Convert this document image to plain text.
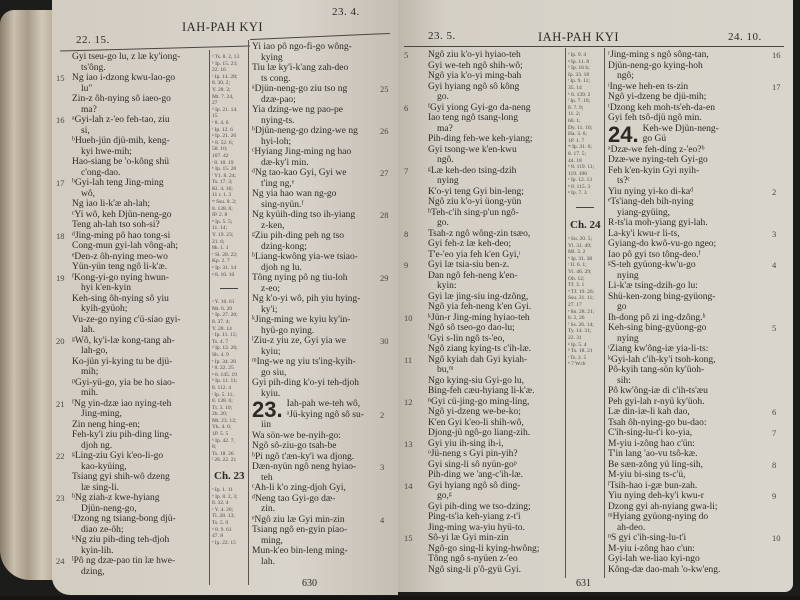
22. 15.
IAH-PAH KYI
23. 4.
Gyi tseu-go lu, z læ ky'iong-
ts'ông.
Ng iao i-dzong kwu-lao-go
15
lu"
Zin-z ôh-nying sô iaeo-go
ma?
ᵃGyi-lah z-'eo feh-tao, ziu
16
si,
ᵇHueh-jün djü-mih, keng-
kyi hwe-mih;
Hao-siang be 'o-kông shü
c'ong-dao.
ᵇGyi-lah teng Jing-ming
17
wô,
Ng iao li-k'æ ah-lah;
ᶜYi wô, keh Djün-neng-go
Teng ah-lah tso soh-si?
ᵈJing-ming pô hao tong-si
18
Cong-mun gyi-lah vông-ah;
ᵉDen-z ôh-nying meo-wo
Yün-yün teng ngô li-k'æ.
ᶠKong-yi-go nying hwun-
19
hyi k'en-kyin
Keh-sing ôh-nying sô yiu
kyih-gyüoh;
Vu-ze-go nying c'ü-siao gyi-
lah.
ᵍWô, ky'i-læ kong-tang ah-
20
lah-go,
Ko-jün yi-kying tu be djü-
mih;
ᵖGyi-yü-go, yia be ho siao-
mih.
ᶠNg yin-dzæ iao nying-teh
21
Jing-ming,
Zin neng hing-en;
Feh-ky'i ziu pih-ding ling-
djoh ng.
ᵍLing-ziu Gyi k'eo-li-go
22
kao-kyüing,
Tsiang gyi shih-wô dzeng
læ sing-li.
ʰNg ziah-z kwe-hyiang
23
Djün-neng-go,
ᶦDzong ng tsiang-bong djü-
diao ze-ôh;
ᵏNg ziu pih-ding teh-djoh
kyin-lih.
ˡPô ng dzæ-pao tin læ hwe-
24
dzing,
ᵃ Ts. 8. 2, 13
ᵇ Ip. 15. 23;
22. 16
ᶜ Ip. 14. 28;
8. 30. 2;
Y. 28. 2;
Mt. 7. 24,
27
ᵈ Ip. 21. 14.
15
ᵉ 8. 4. 6
ᶠ Ip. 12. 6
ᵍ Ip. 21. 26
ʰ 8. 52. 6;
58. 10;
107. 42
ᶦ 8. 18. 19
ᵏ Ip. 15. 20
ˡ Y1. 8. 24;
Ts. 17. 3;
Kl. 4. 16;
11 r. 1. 3
ᵐ Ssu. 8. 2;
8. 138. 6;
IP. 2. 8
ⁿ Ip. 5. 5;
11. 14;
Y. 19. 23;
21. 6;
8k. 1. 1
ᵒ Sl. 28. 22;
Kp. 2. 7
ᵖ Ip. 31. 14
ᵍ 8. 10. 10
ᵃ Y. 16. 61
Mt. 6. 20
ᵇ Ip. 27. 20;
8. 37. 4;
Y. 28. 14
ᶜ Ip. 11. 15;
Ts. 4. 7
ᵈ Ip. 12. 26;
Sh. 4. 9
ᵉ Ip. 34. 28
ᶠ 8. 22. 25
ᵍ 8. 145. 19
ʰ Ip. 11. 11;
8. 112. 4
ᶦ Ip. 5. 11;
8. 138. 6;
Tt. 3. 10;
2b. 20;
Mt. 23. 12;
Yk. 4. 6;
1P. 5. 5
ᵏ Ip. 42. 7,
8;
Ts. 18. 26
ˡ 28. 22. 21
Ch. 23
ᵃ Ip. 1. 11
ᵇ Ip. 8. 2, 3;
8. 32. 4
ᶜ Y. 4. 20;
Ti. 28. 13;
Ts. 5. 9
ᵈ 8. 9. 61
47. 8
ᵉ Ip. 22. 15
Yi iao pô ngo-fi-go wông-
kying
Tiu læ ky'i-k'ang zah-deo
ts cong.
ᵃDjün-neng-go ziu tso ng	25
dzæ-pao;
Yia dzing-we ng pao-pe
nying-ts.
ᵇDjün-neng-go dzing-we ng	26
hyi-loh;
ᶜHyiang Jing-ming ng hao
dæ-ky'i min.
ᵈNg tao-kao Gyi, Gyi we	27
t'ing ng,ᵉ
Ng yia hao wan ng-go
sing-nyün.ᶠ
Ng kyüih-ding tso ih-yiang	28
z-ken,
ᵍZiu pih-ding peh ng tso
dzing-kong;
ʰLiang-kwông yia-we tsiao-
djoh ng lu.
Tông nying pô ng tiu-loh	29
z-eo;
Ng k'o-yi wô, pih yiu hying-
ky'i;
ᵏJing-ming we kyiu ky'in-
hyü-go nying.
ˡZiu-z yiu ze, Gyi yia we	30
kyiu;
ᵐIng-we ng yiu ts'ing-kyih-
go siu,
Gyi pih-ding k'o-yi teh-djoh
kyiu.
23. Iah-pah we-teh wô,
ᵃJü-kying ngô sô su- 2
iin
Wa sön-we be-nyih-go:
Ngô sô-ziu-go tsah-be
ᵇPi ngô t'æn-ky'i wa djong.
Dæn-nyün ngô neng hyiao-	3
teh
ᶜAh-li k'o zing-djoh Gyi,
ᵈNeng tao Gyi-go dæ-
zin.
ᵉNgô ziu læ Gyi min-zin	4
Tsiang ngô en-gyin piao-
ming,
Mun-k'eo bin-leng ming-
lah.
630
23. 5.	IAH-PAH KYI	24. 10.
Ngô ziu k'o-yi hyiao-teh
5
Gyi we-teh ngô shih-wô;
Ngô yia k'o-yi ming-bah
Gyi hyiang ngô sô kông
go.
ᶠGyi yiong Gyi-go da-neng
6
Iao teng ngô tsang-long
ma?
Pih-ding feh-we keh-yiang;
Gyi tsong-we k'en-kwu
ngô.
ᵍLæ keh-deo tsing-dzih
7
nying
K'o-yi teng Gyi bin-leng;
Ngô ziu k'o-yi üong-yün
ʰTeh-c'ih sing-p'un ngô-
go.
Tsah-z ngô wông-zin tsæo,
8
Gyi feh-z læ keh-deo;
T'e-'eo yia feh k'en Gyi,ᶦ
Gyi læ tsia-siu ben-z.
9
Dan ngô feh-neng k'en-
kyin:
Gyi læ jing-siu ing-dzông,
Ngô yia feh-neng k'en Gyi.
ᵏJün-r Jing-ming hyiao-teh
10
Ngô sô tseo-go dao-lu;
ˡGyi s-lin ngô ts-'eo,
Ngô ziang kying-ts c'ih-læ.
Ngô kyiah dah Gyi kyiah-
11
bu,ᵐ
Ngo kying-siu Gyi-go lu,
Bing-feh cæu-hyiang li-k'æ.
ⁿGyi cü-jing-go ming-ling,
12
Ngô yi-dzeng we-be-ko;
K'en Gyi k'eo-li shih-wô,
Djong-jü ngô-go liang-zih.
Gyi yiu ih-sing ih-i,
13
ᵒJü-neng s Gyi pin-yih?
Gyi sing-li sô nyün-goᵖ
Pih-ding we 'ang-c'ih-læ.
Gyi hyiang ngô sô ding-
14
go,ᵍ
Gyi pih-ding we tso-dzing;
Ping-ts'ia keh-yiang z-t'i
Jing-ming wa-yiu hyü-to.
Sô-yi læ Gyi min-zin
15
Ngô-go sing-li kying-hwông;
Tông ngô s-nyüen z-'eo
Ngô sing-li p'ô-gyü Gyi.
ᶠ Ip. 9. 4
ᵍ Ip. 11. 8
ʰ Ip. 16 b;
Ip. 33. 18
ᶦ Ip. 9. 11;
35. 14
ᵏ 8. 139. 2
ˡ Ip. 7. 18;
8. 7. 9;
11. 2;
66. 1;
Dy. 11. 10;
Ha. 3. 6;
1P. 1. 7
ᵐ Ip. 31. 6;
8. 17. 5;
44. 18
ⁿ 8. 119. 11;
119. 106
ᵒ Ip. 12. 13
ᵖ 8. 115. 3
ᵍ Ip. 7. 3
Ch. 24
ᵃ Su. 20. 5;
Yl. 31. 49;
Ml. 3. 2
ᵇ Ip. 31. 38
ᶜ Il. 6. 1;
Yl. 46. 29;
Ob. 12;
Tf. 3. 1
ᵈ Tf. 19. 26;
Ssu. 31. 11;
27. 17
ᵉ 8n. 28. 21;
6. 2, 26
ᶠ Ss. 26. 14;
Ty. 14. 31;
22. 31
ᵍ Ip. 5. 4
ʰ Ts. 18. 21
ᶦ Ts. 2. 5
ᵏ 7 Wch
ʳJing-ming s ngô sông-tan,	16
Djün-neng-go kying-hoh
ngô;
ᶦIng-we heh-en ts-zin	17
Ngô yi-dzeng be djü-mih;
ᵗDzong keh moh-ts'eh-da-en
Gyi feh tsô-djü ngô min.
24. Keh-we Djün-neng-
go Gü
ᵃDzæ-we feh-ding z-'eo?ᵇ
Dzæ-we nying-teh Gyi-go
Feh k'en-kyin Gyi nyih-
ts?ᶜ
Yiu nying yi-ko di-kaᵈ	2
ᵉTs'iang-deh bih-nying
yiang-gyüing,
R-ts'ia moh-yiang gyi-lah.
La-ky'i kwu-r li-ts,	3
Gyiang-do kwô-vu-go ngeo;
Iao pô gyi tso tông-deo.ᶠ
ᵍS-teh gyüong-kw'u-go	4
nying
Li-k'æ tsing-dzih-go lu:
Shü-ken-zong bing-gyüong-
go
Ih-dong pô zi ing-dzông.ʰ
Keh-sing bing-gyüong-go	5
nying
ᶦZiang kw'ông-iæ yia-li-ts:
ᵏGyi-lah c'ih-ky'i tsoh-kong,
Pô-kyih tang-sön ky'üoh-
sih:
Pô kw'ông-iæ di c'ih-ts'æu
Peh gyi-lah r-nyü ky'üoh.
Læ din-iæ-li kah dao,	6
Tsah ôh-nying-go bu-dao:
C'ih-sing-lu-t'i ko-yia,	7
M-yiu i-zông hao c'ün:
T'in lang 'ao-vu tsô-kæ.
Be sæn-zông yü ling-sih,	8
M-yiu bi-sing ts-c'ü,
ˡTsih-hao i-gæ bun-zah.
Yiu nying deh-ky'i kwu-r	9
Dzong gyi ah-nyiang gwa-li;
ᵐHyiang gyüong-nying do
ah-deo.
ⁿS gyi c'ih-sing-lu-t'i	10
M-yiu i-zông hao c'un:
Gyi-lah we-liao kyi-ngo
Kông-dæ dao-mah 'o-kw'eng.
631
